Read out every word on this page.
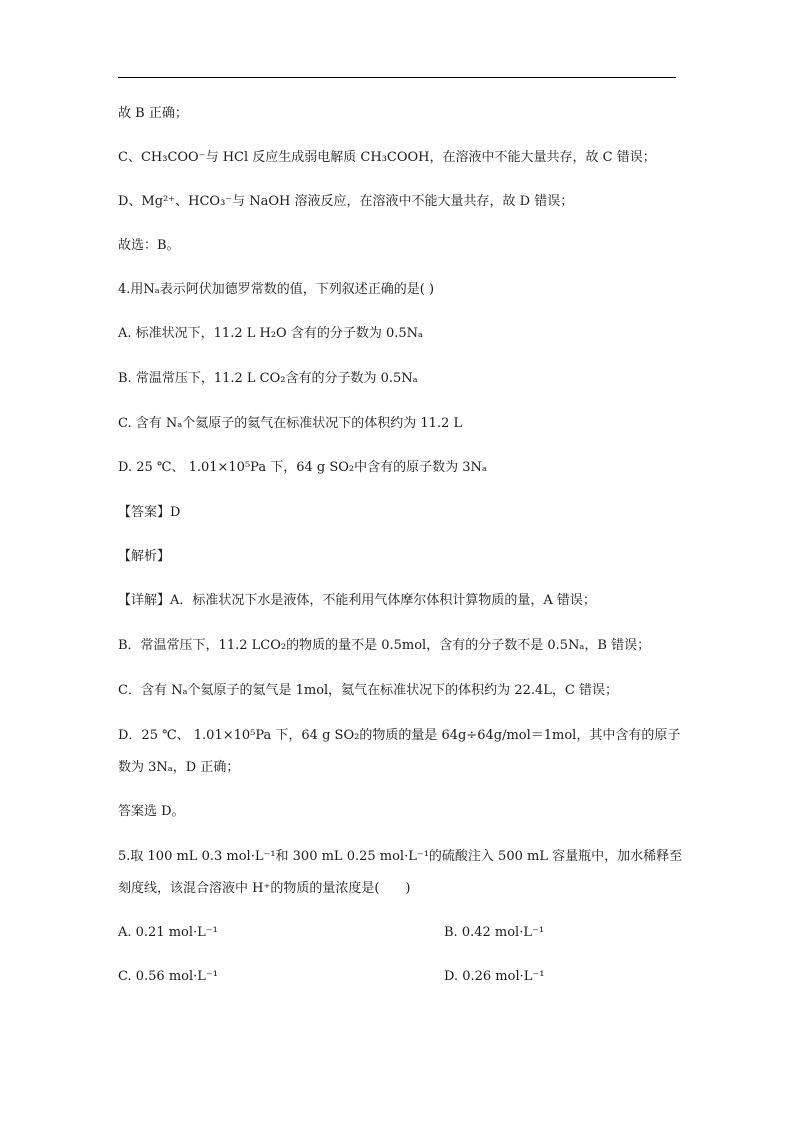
故 B 正确；
C、CH₃COO⁻与 HCl 反应生成弱电解质 CH₃COOH，在溶液中不能大量共存，故 C 错误；
D、Mg²⁺、HCO₃⁻与 NaOH 溶液反应，在溶液中不能大量共存，故 D 错误；
故选：B。
4.用Nₐ表示阿伏加德罗常数的值，下列叙述正确的是( )
A. 标准状况下，11.2 L H₂O 含有的分子数为 0.5Nₐ
B. 常温常压下，11.2 L CO₂含有的分子数为 0.5Nₐ
C. 含有 Nₐ个氦原子的氦气在标准状况下的体积约为 11.2 L
D. 25 ℃、 1.01×10⁵Pa 下，64 g SO₂中含有的原子数为 3Nₐ
【答案】D
【解析】
【详解】A．标准状况下水是液体，不能利用气体摩尔体积计算物质的量，A 错误；
B．常温常压下，11.2 LCO₂的物质的量不是 0.5mol，含有的分子数不是 0.5Nₐ，B 错误；
C．含有 Nₐ个氦原子的氦气是 1mol，氦气在标准状况下的体积约为 22.4L，C 错误；
D．25 ℃、 1.01×10⁵Pa 下，64 g SO₂的物质的量是 64g÷64g/mol＝1mol，其中含有的原子
数为 3Nₐ，D 正确；
答案选 D。
5.取 100 mL 0.3 mol·L⁻¹和 300 mL 0.25 mol·L⁻¹的硫酸注入 500 mL 容量瓶中，加水稀释至
刻度线，该混合溶液中 H⁺的物质的量浓度是(　　)
A. 0.21 mol·L⁻¹	B. 0.42 mol·L⁻¹
C. 0.56 mol·L⁻¹	D. 0.26 mol·L⁻¹
